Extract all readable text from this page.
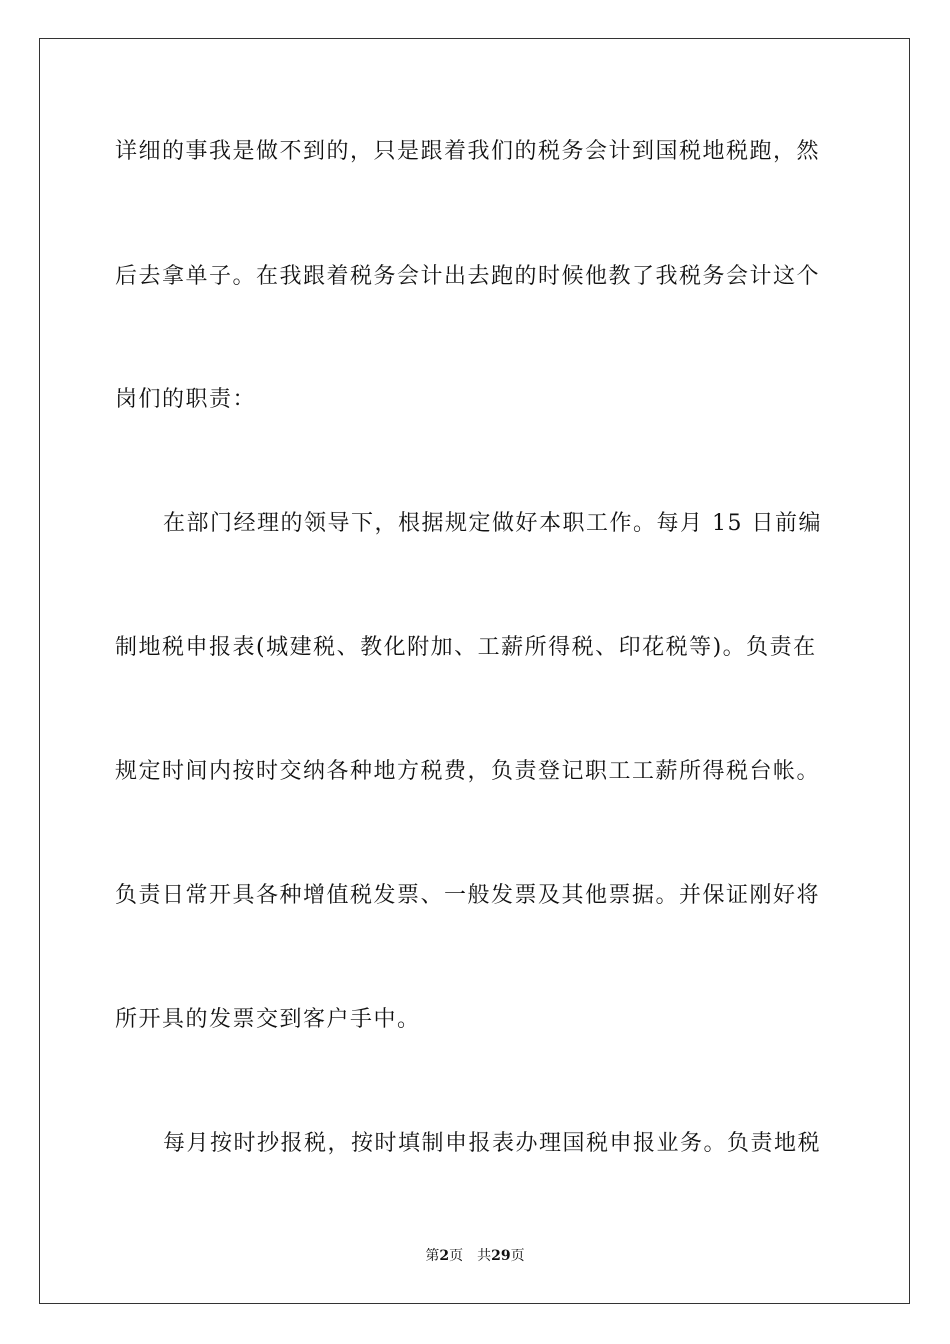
详细的事我是做不到的，只是跟着我们的税务会计到国税地税跑，然
后去拿单子。在我跟着税务会计出去跑的时候他教了我税务会计这个
岗们的职责：
在部门经理的领导下，根据规定做好本职工作。每月 15 日前编
制地税申报表(城建税、教化附加、工薪所得税、印花税等)。负责在
规定时间内按时交纳各种地方税费，负责登记职工工薪所得税台帐。
负责日常开具各种增值税发票、一般发票及其他票据。并保证刚好将
所开具的发票交到客户手中。
每月按时抄报税，按时填制申报表办理国税申报业务。负责地税
第2页 共29页
